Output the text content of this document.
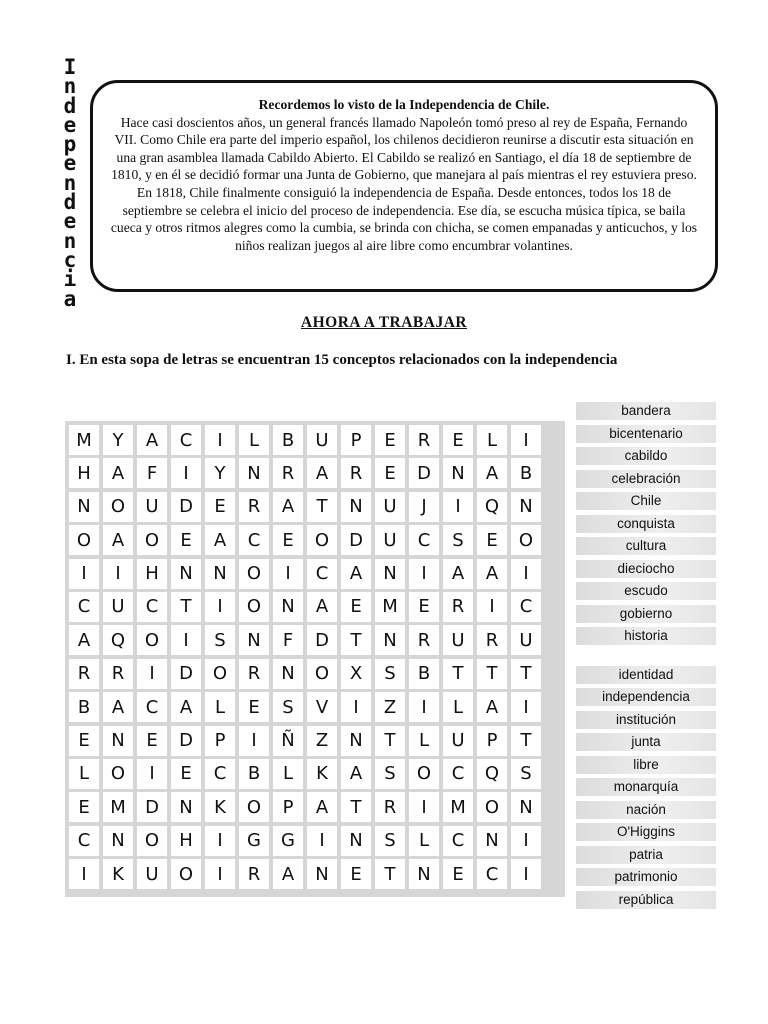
I
n
d
e
p
e
n
d
e
n
c
i
a
Recordemos lo visto de la Independencia de Chile.
Hace casi doscientos años, un general francés llamado Napoleón tomó preso al rey de España, Fernando VII. Como Chile era parte del imperio español, los chilenos decidieron reunirse a discutir esta situación en una gran asamblea llamada Cabildo Abierto. El Cabildo se realizó en Santiago, el día 18 de septiembre de 1810, y en él se decidió formar una Junta de Gobierno, que manejara al país mientras el rey estuviera preso.
En 1818, Chile finalmente consiguió la independencia de España. Desde entonces, todos los 18 de septiembre se celebra el inicio del proceso de independencia. Ese día, se escucha música típica, se baila cueca y otros ritmos alegres como la cumbia, se brinda con chicha, se comen empanadas y anticuchos, y los niños realizan juegos al aire libre como encumbrar volantines.
AHORA A TRABAJAR
I. En esta sopa de letras se encuentran 15 conceptos relacionados con la independencia
M	Y	A	C	I	L	B	U	P	E	R	E	L	I
H	A	F	I	Y	N	R	A	R	E	D	N	A	B
N	O	U	D	E	R	A	T	N	U	J	I	Q	N
O	A	O	E	A	C	E	O	D	U	C	S	E	O
I	I	H	N	N	O	I	C	A	N	I	A	A	I
C	U	C	T	I	O	N	A	E	M	E	R	I	C
A	Q	O	I	S	N	F	D	T	N	R	U	R	U
R	R	I	D	O	R	N	O	X	S	B	T	T	T
B	A	C	A	L	E	S	V	I	Z	I	L	A	I
E	N	E	D	P	I	Ñ	Z	N	T	L	U	P	T
L	O	I	E	C	B	L	K	A	S	O	C	Q	S
E	M	D	N	K	O	P	A	T	R	I	M	O	N
C	N	O	H	I	G	G	I	N	S	L	C	N	I
I	K	U	O	I	R	A	N	E	T	N	E	C	I
bandera
bicentenario
cabildo
celebración
Chile
conquista
cultura
dieciocho
escudo
gobierno
historia
identidad
independencia
institución
junta
libre
monarquía
nación
O'Higgins
patria
patrimonio
república
